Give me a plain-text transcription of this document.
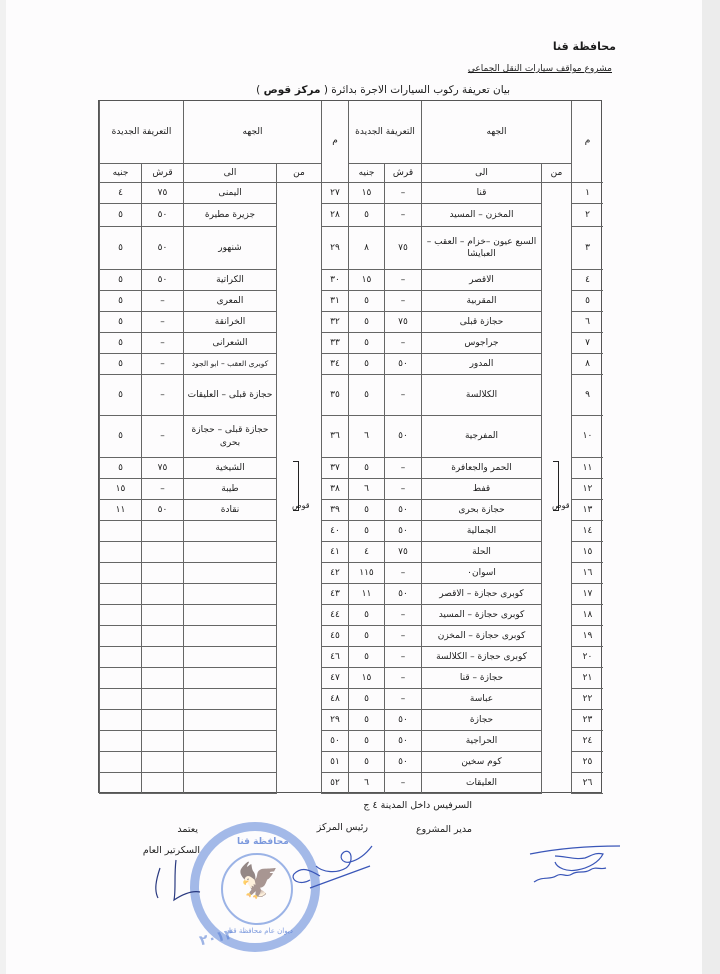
محافظة قنا
مشروع مواقف سيارات النقل الجماعي
بيان تعريفة ركوب السيارات الاجرة بدائرة ( مركز قوص )
م
الجهه
التعريفة الجديدة
م
من
الى
قرش
جنيه
الجهه
التعريفة الجديدة
من
الى
قرش
جنيه
١
قنا
–
١٥
٢٧
اليمنى
٧٥
٤
٢
المخزن – المسيد
–
٥
٢٨
جزيرة مطيرة
٥٠
٥
٣
السبع عيون –خزام – العقب – العبايشا
٧٥
٨
٢٩
شنهور
٥٠
٥
٤
الاقصر
–
١٥
٣٠
الكراتية
٥٠
٥
٥
المقربية
–
٥
٣١
المعرى
–
٥
٦
حجازة قبلى
٧٥
٥
٣٢
الخرانقة
–
٥
٧
جراجوس
–
٥
٣٣
الشعرانى
–
٥
٨
المدور
٥٠
٥
٣٤
كوبرى العقب – ابو الجود
–
٥
٩
الكلالسة
–
٥
٣٥
حجازة قبلى – العليقات
–
٥
١٠
المفرجية
٥٠
٦
٣٦
حجازة قبلى – حجازة بحرى
–
٥
١١
الحمر والجعافرة
–
٥
٣٧
الشيخية
٧٥
٥
١٢
قفط
–
٦
٣٨
طيبة
–
١٥
١٣
حجازة بحرى
٥٠
٥
٣٩
نقادة
٥٠
١١
١٤
الجمالية
٥٠
٥
٤٠
١٥
الحلة
٧٥
٤
٤١
١٦
اسوان٠
–
١١٥
٤٢
١٧
كوبرى حجازة – الاقصر
٥٠
١١
٤٣
١٨
كوبرى حجازة – المسيد
–
٥
٤٤
١٩
كوبرى حجازة – المخزن
–
٥
٤٥
٢٠
كوبرى حجازة – الكلالسة
–
٥
٤٦
٢١
حجازة – قنا
–
١٥
٤٧
٢٢
عباسة
–
٥
٤٨
٢٣
حجازة
٥٠
٥
٢٩
٢٤
الحراجية
٥٠
٥
٥٠
٢٥
كوم سخين
٥٠
٥
٥١
٢٦
العليقات
–
٦
٥٢
قوص
قوص
السرفيس داخل المدينة ٤ ج
مدير المشروع
رئيس المركز
يعتمد
السكرتير العام
🦅
محافظة قنا
ديوان عام محافظة قنا
٢٠١٣
